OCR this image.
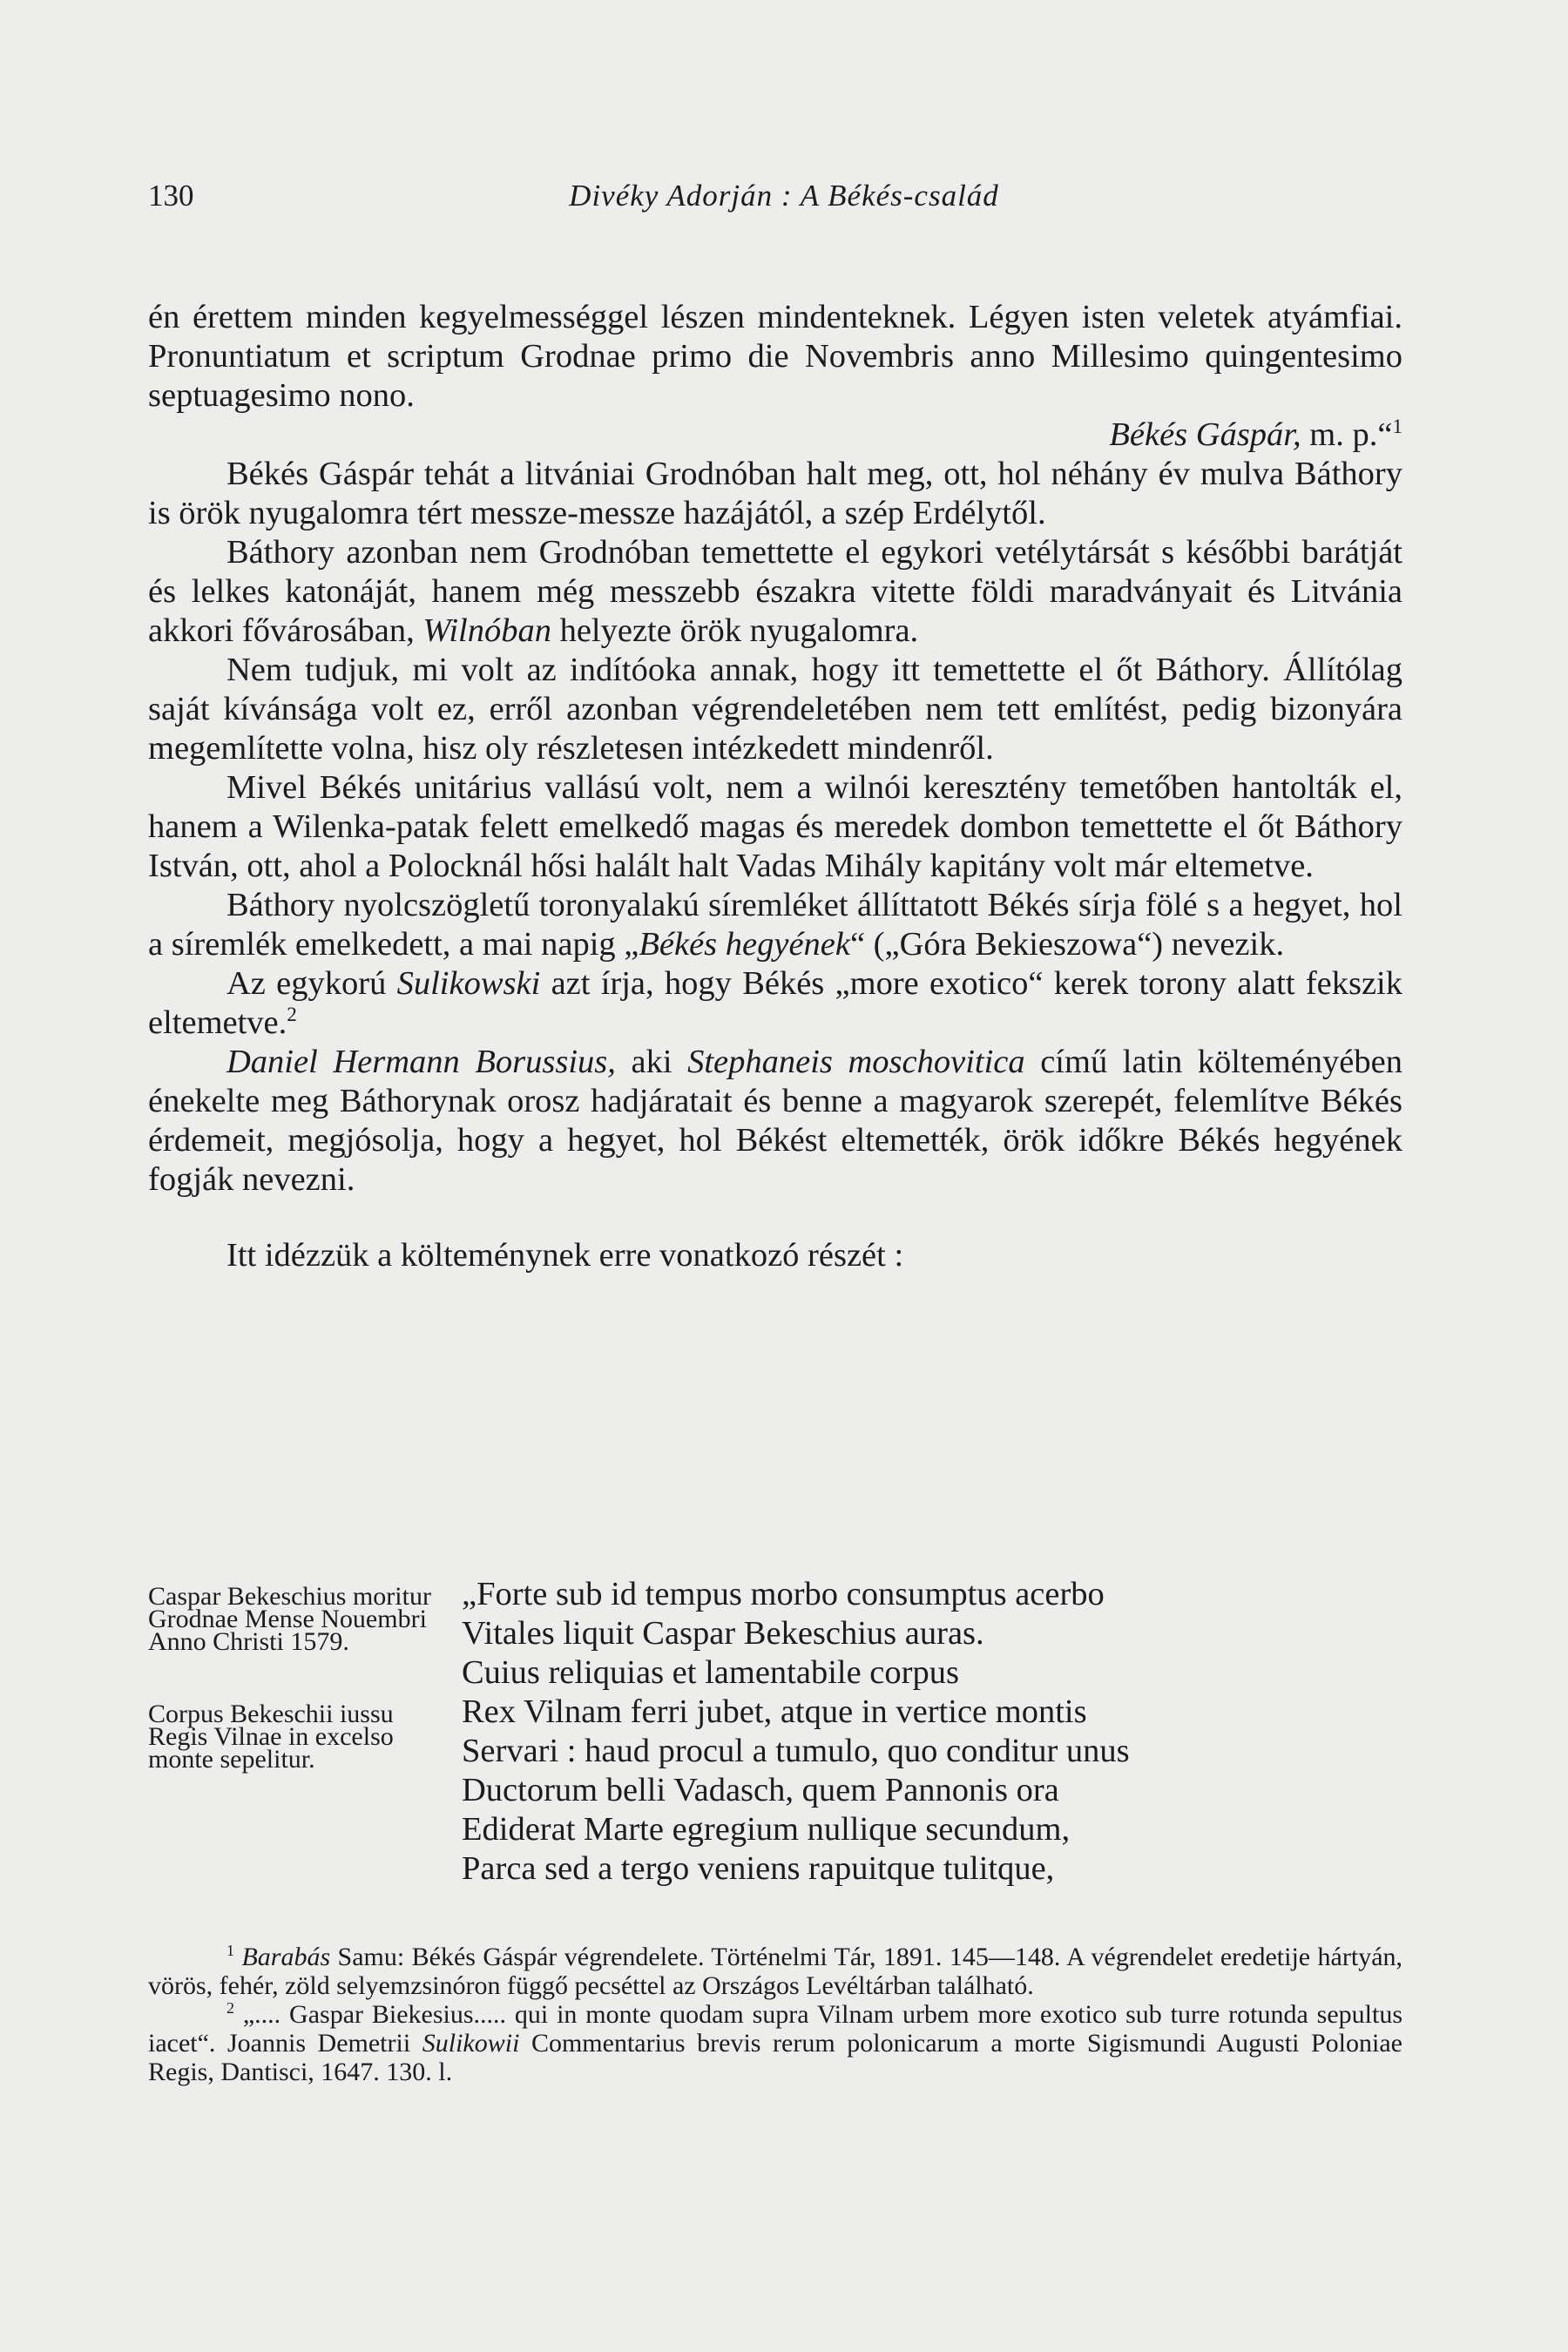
130	Divéky Adorján : A Békés-család

én érettem minden kegyelmességgel lészen mindenteknek. Légyen isten veletek atyámfiai. Pronuntiatum et scriptum Grodnae primo die Novembris anno Millesimo quingentesimo septuagesimo nono.

Békés Gáspár, m. p.“$^1$

Békés Gáspár tehát a litvániai Grodnóban halt meg, ott, hol néhány év mulva Báthory is örök nyugalomra tért messze-messze hazájától, a szép Erdélytől.

Báthory azonban nem Grodnóban temettette el egykori vetélytársát s későbbi barátját és lelkes katonáját, hanem még messzebb északra vitette földi maradványait és Litvánia akkori fővárosában, Wilnóban helyezte örök nyugalomra.

Nem tudjuk, mi volt az indítóoka annak, hogy itt temettette el őt Báthory. Állítólag saját kívánsága volt ez, erről azonban végrendeletében nem tett említést, pedig bizonyára megemlítette volna, hisz oly részletesen intézkedett mindenről.

Mivel Békés unitárius vallású volt, nem a wilnói keresztény temetőben hantolták el, hanem a Wilenka-patak felett emelkedő magas és meredek dombon temettette el őt Báthory István, ott, ahol a Polocknál hősi halált halt Vadas Mihály kapitány volt már eltemetve.

Báthory nyolcszögletű toronyalakú síremléket állíttatott Békés sírja fölé s a hegyet, hol a síremlék emelkedett, a mai napig „Békés hegyének“ („Góra Bekieszowa“) nevezik.

Az egykorú Sulikowski azt írja, hogy Békés „more exotico“ kerek torony alatt fekszik eltemetve.$^2$

Daniel Hermann Borussius, aki Stephaneis moschovitica című latin költeményében énekelte meg Báthorynak orosz hadjáratait és benne a magyarok szerepét, felemlítve Békés érdemeit, megjósolja, hogy a hegyet, hol Békést eltemették, örök időkre Békés hegyének fogják nevezni.

Itt idézzük a költeménynek erre vonatkozó részét :

Caspar Bekeschius moritur Grodnae Mense Nouembri Anno Christi 1579.
„Forte sub id tempus morbo consumptus acerbo
Vitales liquit Caspar Bekeschius auras.
Cuius reliquias et lamentabile corpus
Corpus Bekeschii iussu Regis Vilnae in excelso monte sepelitur.
Rex Vilnam ferri jubet, atque in vertice montis
Servari : haud procul a tumulo, quo conditur unus
Ductorum belli Vadasch, quem Pannonis ora
Ediderat Marte egregium nullique secundum,
Parca sed a tergo veniens rapuitque tulitque,

$^1$ Barabás Samu: Békés Gáspár végrendelete. Történelmi Tár, 1891. 145—148. A végrendelet eredetije hártyán, vörös, fehér, zöld selyemzsinóron függő pecséttel az Országos Levéltárban található.

$^2$ „.... Gaspar Biekesius..... qui in monte quodam supra Vilnam urbem more exotico sub turre rotunda sepultus iacet“. Joannis Demetrii Sulikowii Commentarius brevis rerum polonicarum a morte Sigismundi Augusti Poloniae Regis, Dantisci, 1647. 130. l.
